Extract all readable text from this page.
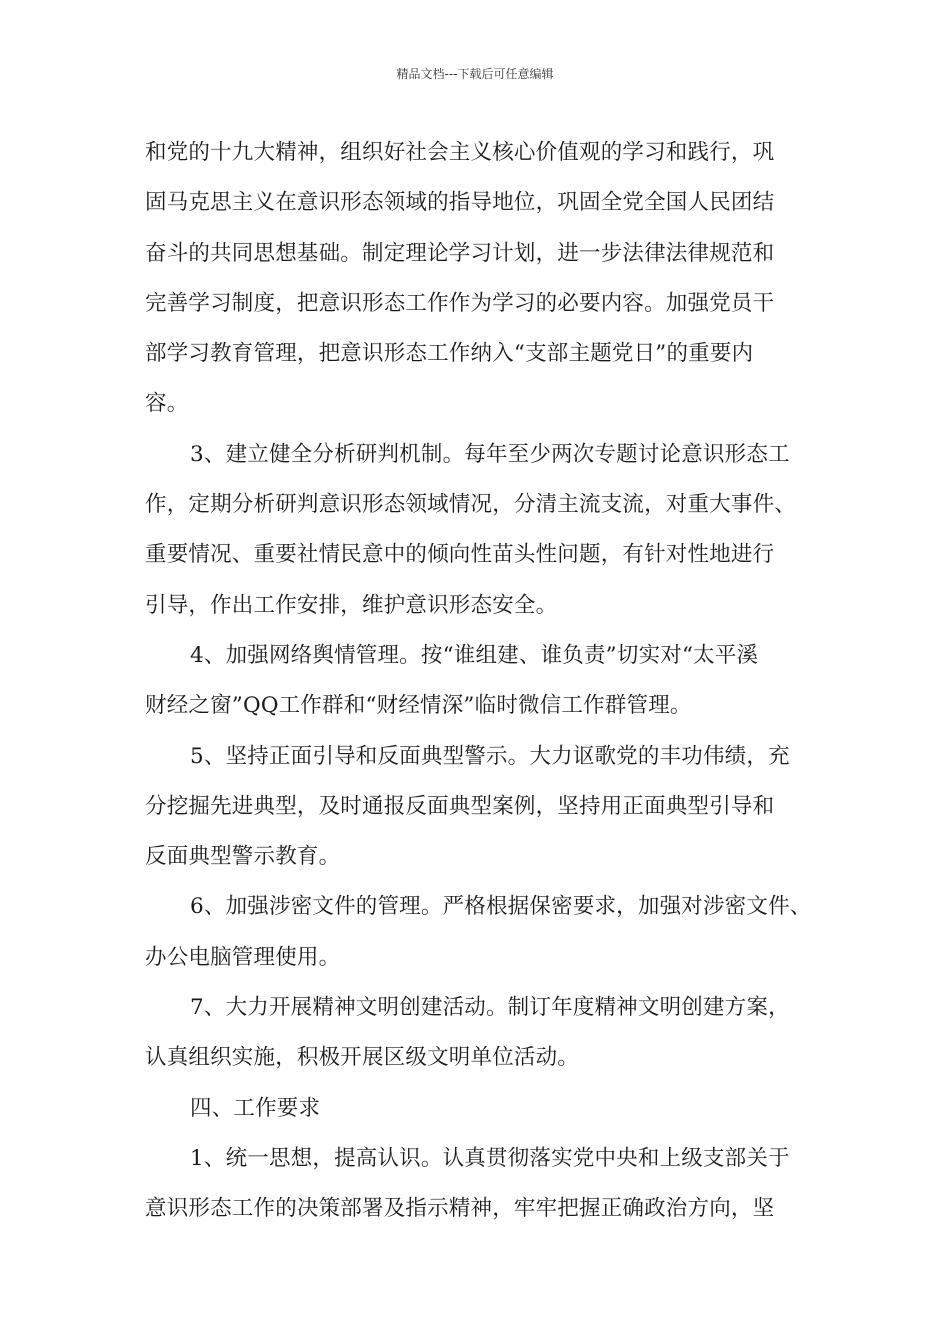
精品文档---下载后可任意编辑

和党的十九大精神，组织好社会主义核心价值观的学习和践行，巩
固马克思主义在意识形态领域的指导地位，巩固全党全国人民团结
奋斗的共同思想基础。制定理论学习计划，进一步法律法律规范和
完善学习制度，把意识形态工作作为学习的必要内容。加强党员干
部学习教育管理，把意识形态工作纳入“支部主题党日”的重要内
容。

3、建立健全分析研判机制。每年至少两次专题讨论意识形态工
作，定期分析研判意识形态领域情况，分清主流支流，对重大事件、
重要情况、重要社情民意中的倾向性苗头性问题，有针对性地进行
引导，作出工作安排，维护意识形态安全。

4、加强网络舆情管理。按“谁组建、谁负责”切实对“太平溪
财经之窗”QQ工作群和“财经情深”临时微信工作群管理。

5、坚持正面引导和反面典型警示。大力讴歌党的丰功伟绩，充
分挖掘先进典型，及时通报反面典型案例，坚持用正面典型引导和
反面典型警示教育。

6、加强涉密文件的管理。严格根据保密要求，加强对涉密文件、
办公电脑管理使用。

7、大力开展精神文明创建活动。制订年度精神文明创建方案，
认真组织实施，积极开展区级文明单位活动。

四、工作要求

1、统一思想，提高认识。认真贯彻落实党中央和上级支部关于
意识形态工作的决策部署及指示精神，牢牢把握正确政治方向，坚
